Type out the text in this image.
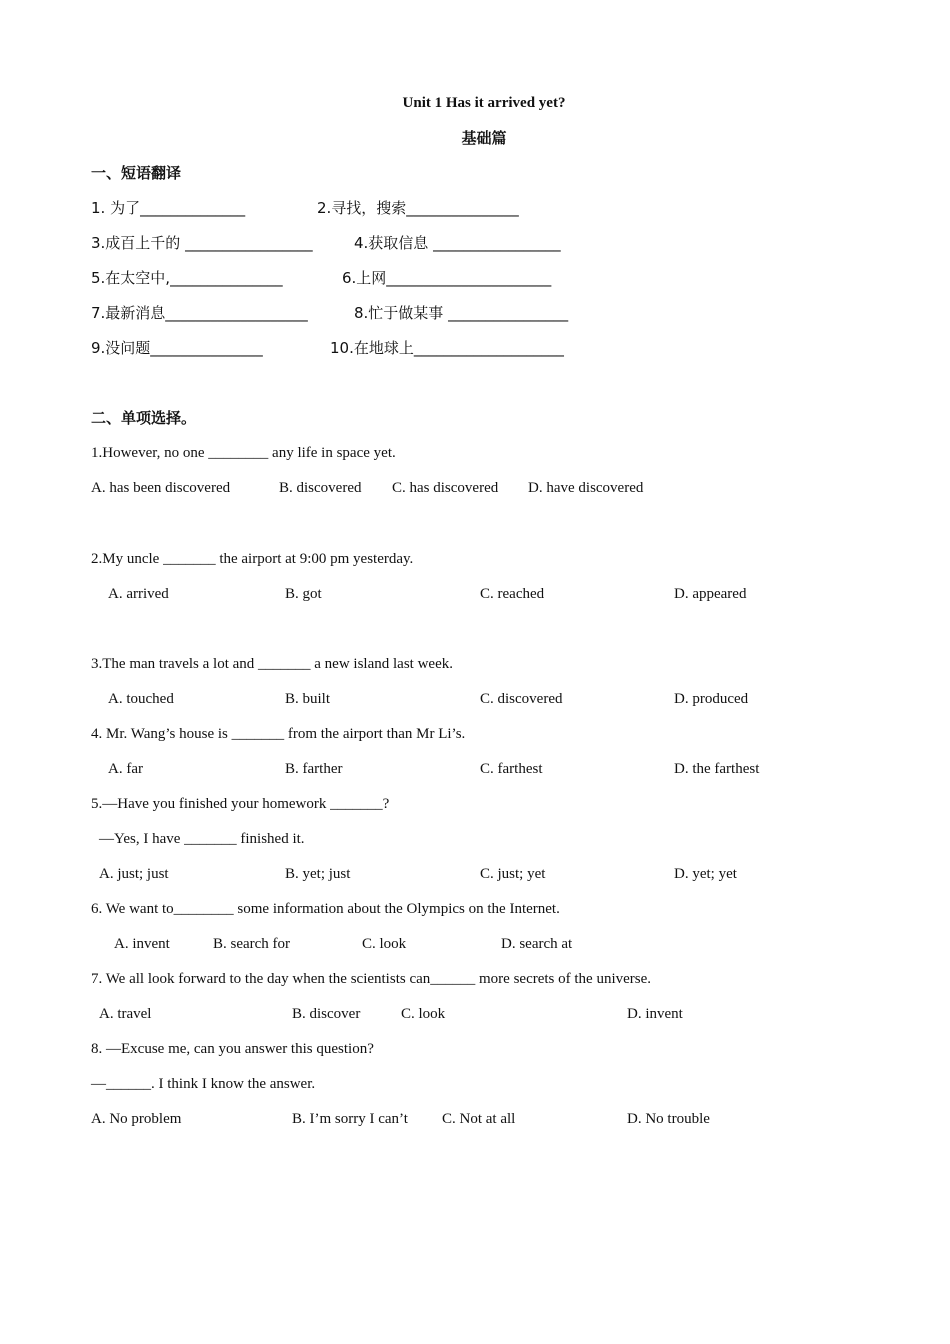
Unit 1 Has it arrived yet?
基础篇
一、短语翻译
1. 为了______________	2.寻找，搜索_______________
3.成百上千的 _________________	4.获取信息 _________________
5.在太空中,_______________	6.上网______________________
7.最新消息___________________	8.忙于做某事 ________________
9.没问题_______________	10.在地球上____________________
二、单项选择。
1.However, no one ________ any life in space yet.
A. has been discovered	B. discovered C. has discovered D. have discovered
2.My uncle _______ the airport at 9:00 pm yesterday.
A. arrived	B. got	C. reached	D. appeared
3.The man travels a lot and _______ a new island last week.
A. touched	B. built	C. discovered	D. produced
4. Mr. Wang’s house is _______ from the airport than Mr Li’s.
A. far	B. farther	C. farthest	D. the farthest
5.—Have you finished your homework _______?
—Yes, I have _______ finished it.
A. just; just	B. yet; just	C. just; yet	D. yet; yet
6. We want to________ some information about the Olympics on the Internet.
A. invent	B. search for	C. look	D. search at
7. We all look forward to the day when the scientists can______ more secrets of the universe.
A. travel	B. discover	C. look	D. invent
8. —Excuse me, can you answer this question?
—______. I think I know the answer.
A. No problem	B. I’m sorry I can’t C. Not at all	D. No trouble
